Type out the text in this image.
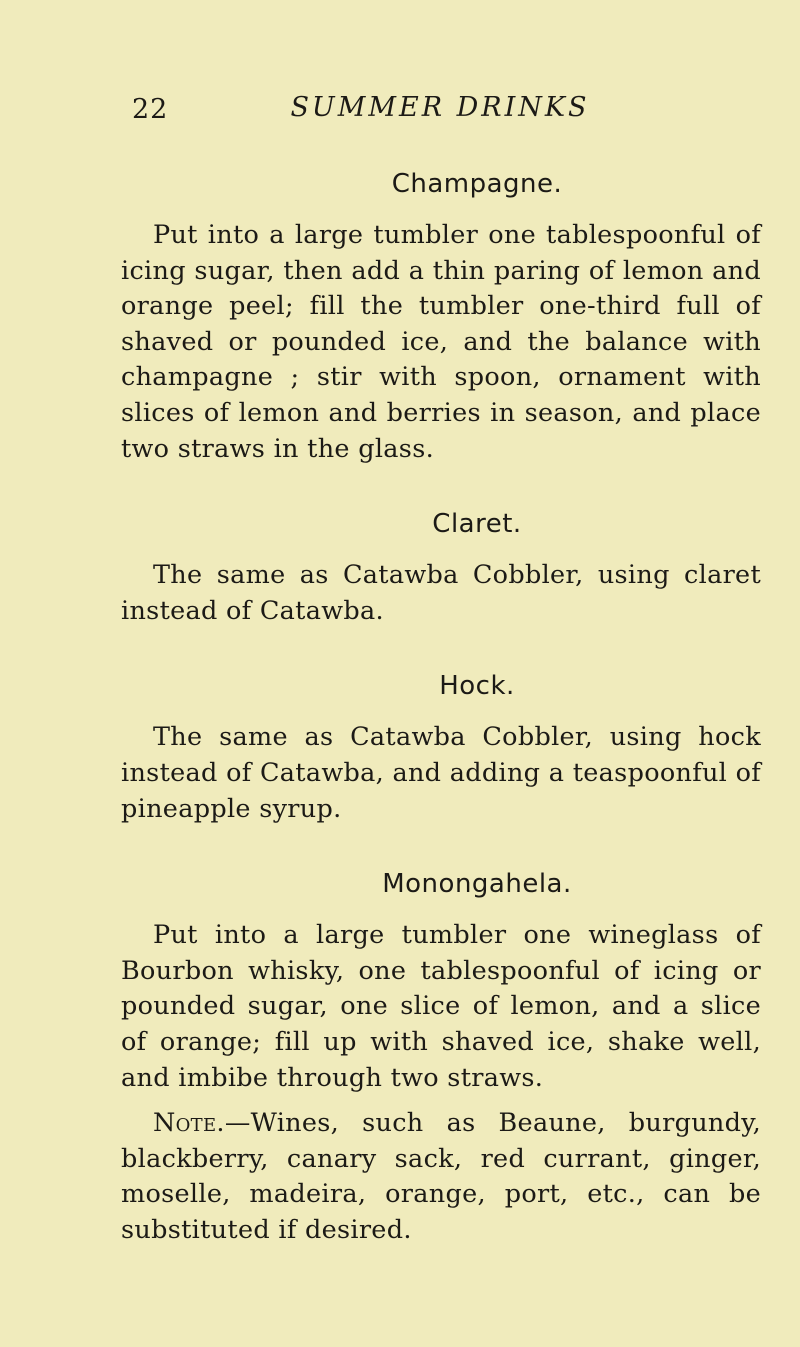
22	SUMMER DRINKS
Champagne.

Put into a large tumbler one tablespoonful of icing sugar, then add a thin paring of lemon and orange peel; fill the tumbler one-third full of shaved or pounded ice, and the balance with champagne ; stir with spoon, ornament with slices of lemon and berries in season, and place two straws in the glass.

Claret.

The same as Catawba Cobbler, using claret instead of Catawba.

Hock.

The same as Catawba Cobbler, using hock instead of Catawba, and adding a teaspoonful of pineapple syrup.

Monongahela.

Put into a large tumbler one wineglass of Bourbon whisky, one tablespoonful of icing or pounded sugar, one slice of lemon, and a slice of orange; fill up with shaved ice, shake well, and imbibe through two straws.

Note.—Wines, such as Beaune, burgundy, blackberry, canary sack, red currant, ginger, moselle, madeira, orange, port, etc., can be substituted if desired.
